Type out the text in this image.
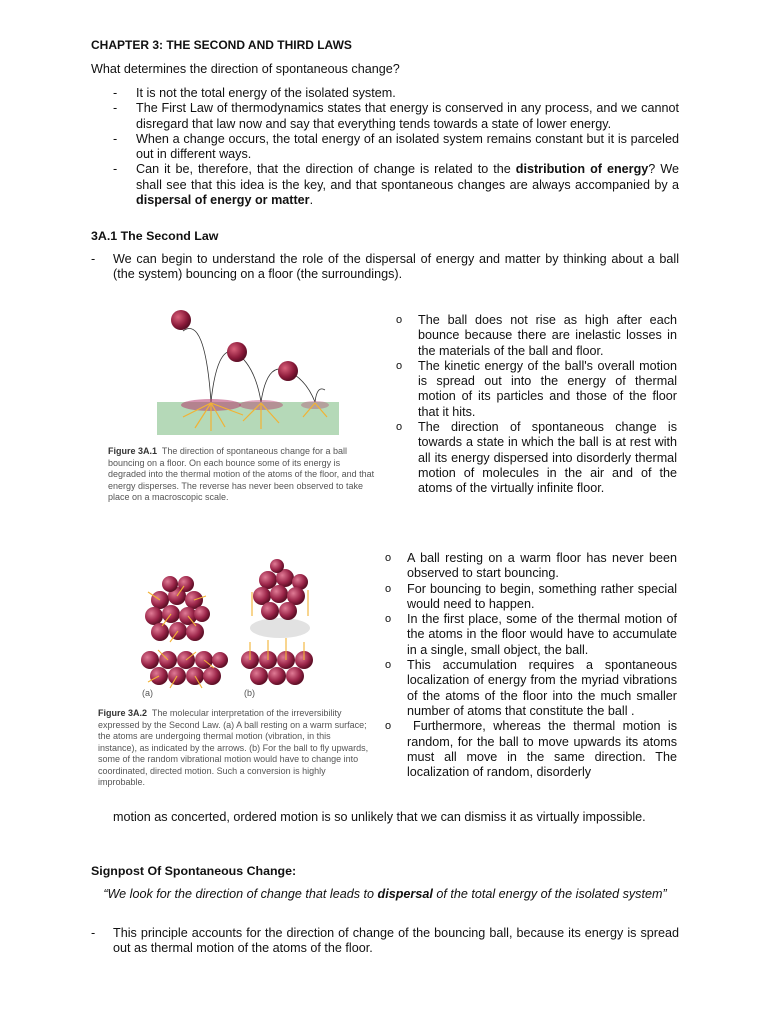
CHAPTER 3: THE SECOND AND THIRD LAWS
What determines the direction of spontaneous change?
- It is not the total energy of the isolated system.
- The First Law of thermodynamics states that energy is conserved in any process, and we cannot disregard that law now and say that everything tends towards a state of lower energy.
- When a change occurs, the total energy of an isolated system remains constant but it is parceled out in different ways.
- Can it be, therefore, that the direction of change is related to the distribution of energy? We shall see that this idea is the key, and that spontaneous changes are always accompanied by a dispersal of energy or matter.
3A.1 The Second Law
- We can begin to understand the role of the dispersal of energy and matter by thinking about a ball (the system) bouncing on a floor (the surroundings).
Figure 3A.1 The direction of spontaneous change for a ball bouncing on a floor. On each bounce some of its energy is degraded into the thermal motion of the atoms of the floor, and that energy disperses. The reverse has never been observed to take place on a macroscopic scale.
o The ball does not rise as high after each bounce because there are inelastic losses in the materials of the ball and floor.
o The kinetic energy of the ball's overall motion is spread out into the energy of thermal motion of its particles and those of the floor that it hits.
o The direction of spontaneous change is towards a state in which the ball is at rest with all its energy dispersed into disorderly thermal motion of molecules in the air and of the atoms of the virtually infinite floor.
(a)	(b)
Figure 3A.2 The molecular interpretation of the irreversibility expressed by the Second Law. (a) A ball resting on a warm surface; the atoms are undergoing thermal motion (vibration, in this instance), as indicated by the arrows. (b) For the ball to fly upwards, some of the random vibrational motion would have to change into coordinated, directed motion. Such a conversion is highly improbable.
o A ball resting on a warm floor has never been observed to start bouncing.
o For bouncing to begin, something rather special would need to happen.
o In the first place, some of the thermal motion of the atoms in the floor would have to accumulate in a single, small object, the ball.
o This accumulation requires a spontaneous localization of energy from the myriad vibrations of the atoms of the floor into the much smaller number of atoms that constitute the ball .
o Furthermore, whereas the thermal motion is random, for the ball to move upwards its atoms must all move in the same direction. The localization of random, disorderly
motion as concerted, ordered motion is so unlikely that we can dismiss it as virtually impossible.
Signpost Of Spontaneous Change:
“We look for the direction of change that leads to dispersal of the total energy of the isolated system”
- This principle accounts for the direction of change of the bouncing ball, because its energy is spread out as thermal motion of the atoms of the floor.
